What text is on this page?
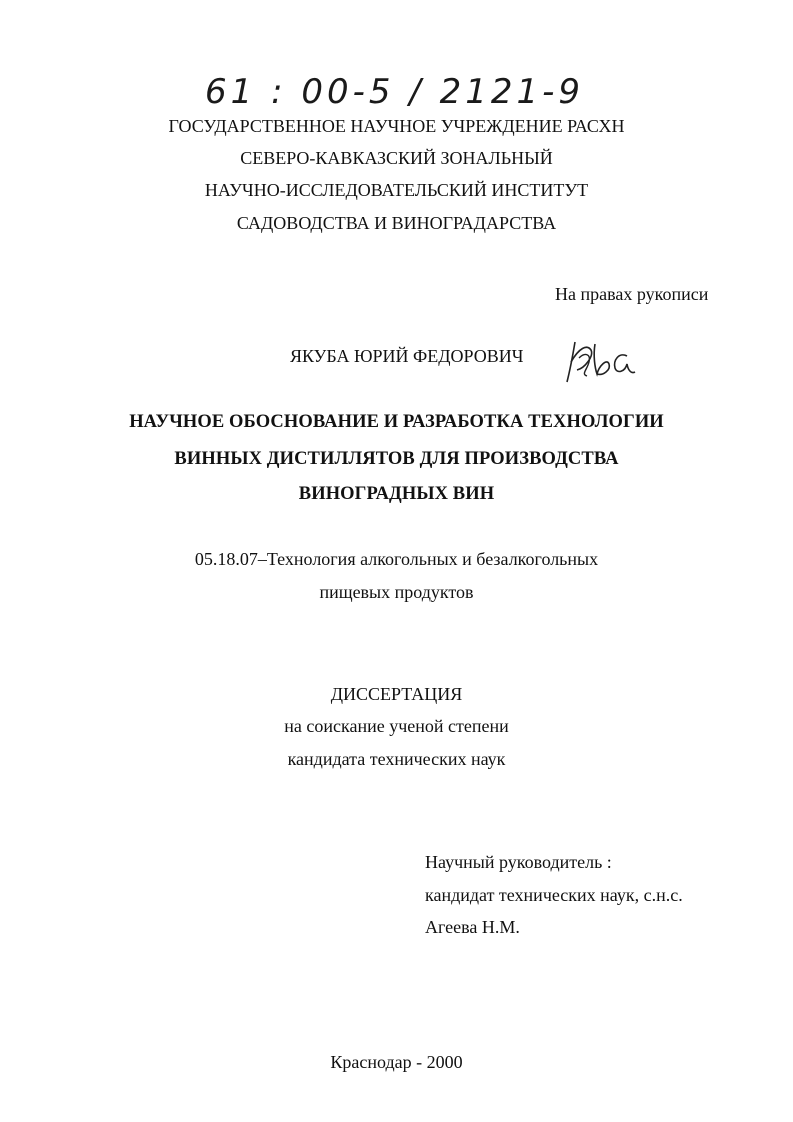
61 : 00-5 / 2121-9
ГОСУДАРСТВЕННОЕ НАУЧНОЕ УЧРЕЖДЕНИЕ РАСХН
СЕВЕРО-КАВКАЗСКИЙ ЗОНАЛЬНЫЙ
НАУЧНО-ИССЛЕДОВАТЕЛЬСКИЙ ИНСТИТУТ
САДОВОДСТВА И ВИНОГРАДАРСТВА
На правах рукописи
ЯКУБА ЮРИЙ ФЕДОРОВИЧ
НАУЧНОЕ ОБОСНОВАНИЕ И РАЗРАБОТКА ТЕХНОЛОГИИ
ВИННЫХ ДИСТИЛЛЯТОВ ДЛЯ ПРОИЗВОДСТВА
ВИНОГРАДНЫХ ВИН
05.18.07–Технология алкогольных и безалкогольных
пищевых продуктов
ДИССЕРТАЦИЯ
на соискание ученой степени
кандидата технических наук
Научный руководитель :
кандидат технических наук, с.н.с.
Агеева Н.М.
Краснодар - 2000
